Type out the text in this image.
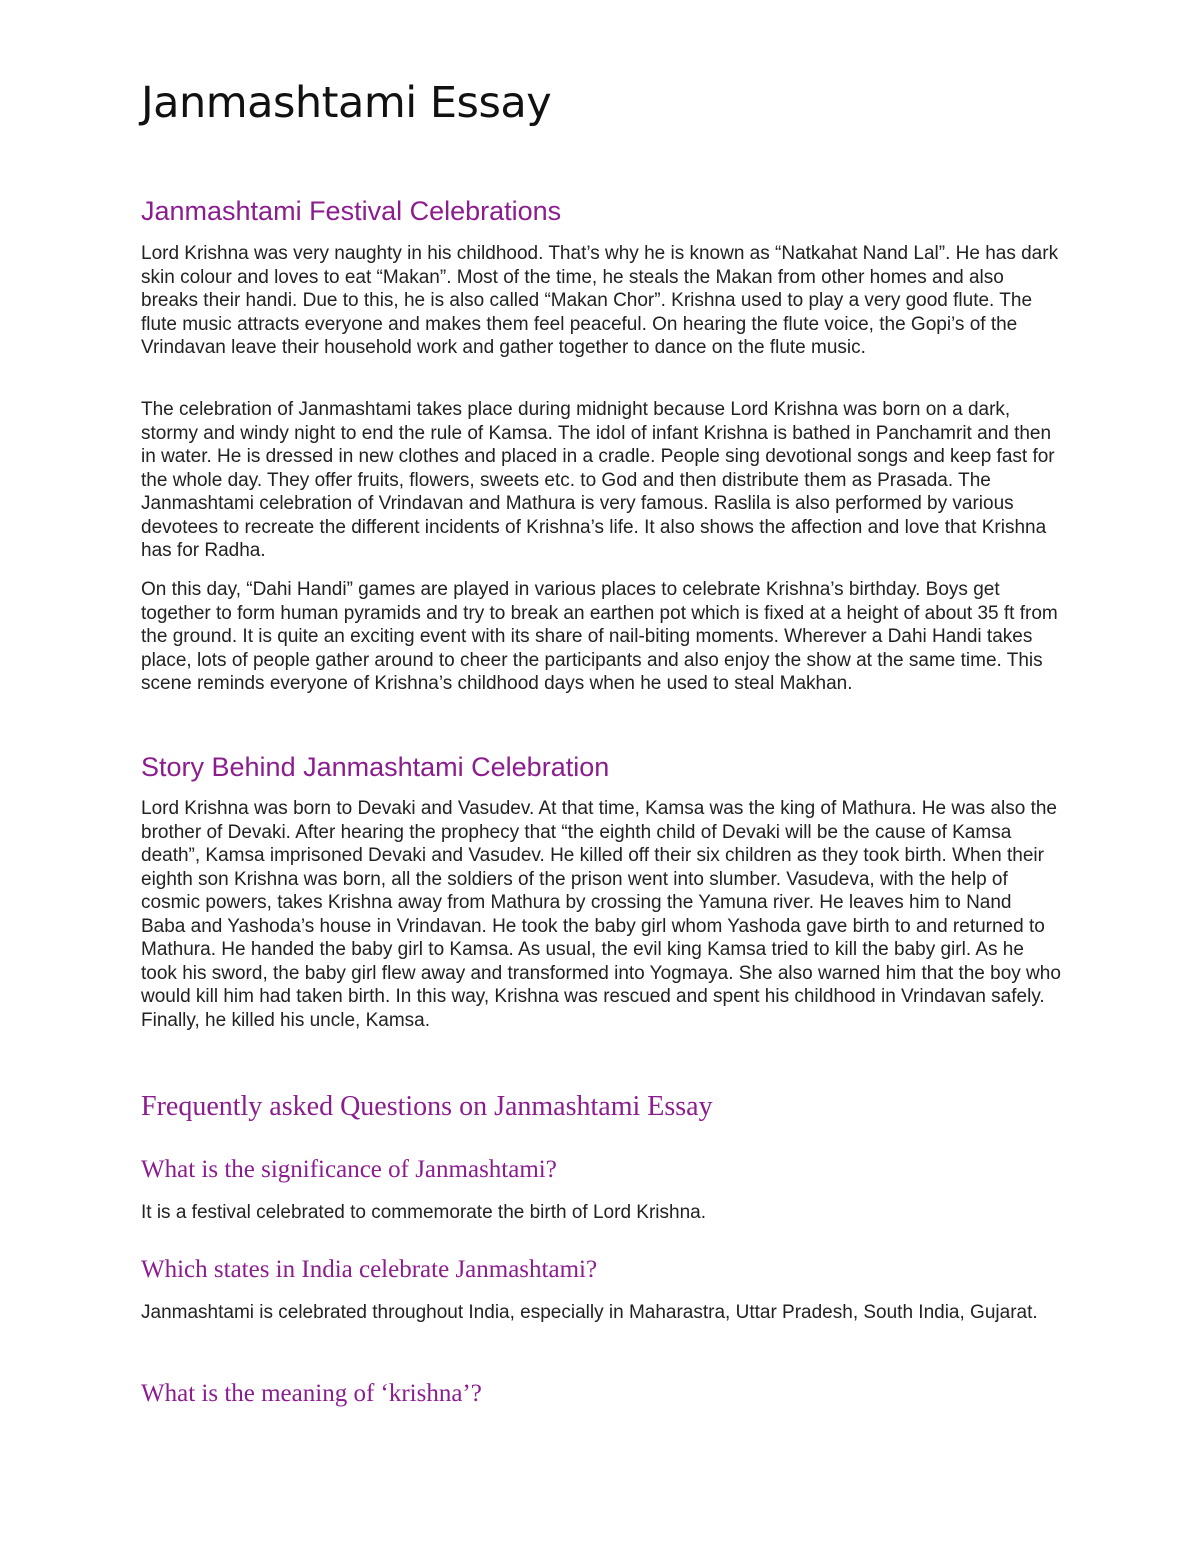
Janmashtami Essay
Janmashtami Festival Celebrations

Lord Krishna was very naughty in his childhood. That’s why he is known as “Natkahat Nand Lal”. He has dark skin colour and loves to eat “Makan”. Most of the time, he steals the Makan from other homes and also breaks their handi. Due to this, he is also called “Makan Chor”. Krishna used to play a very good flute. The flute music attracts everyone and makes them feel peaceful. On hearing the flute voice, the Gopi’s of the Vrindavan leave their household work and gather together to dance on the flute music.

The celebration of Janmashtami takes place during midnight because Lord Krishna was born on a dark, stormy and windy night to end the rule of Kamsa. The idol of infant Krishna is bathed in Panchamrit and then in water. He is dressed in new clothes and placed in a cradle. People sing devotional songs and keep fast for the whole day. They offer fruits, flowers, sweets etc. to God and then distribute them as Prasada. The Janmashtami celebration of Vrindavan and Mathura is very famous. Raslila is also performed by various devotees to recreate the different incidents of Krishna’s life. It also shows the affection and love that Krishna has for Radha.

On this day, “Dahi Handi” games are played in various places to celebrate Krishna’s birthday. Boys get together to form human pyramids and try to break an earthen pot which is fixed at a height of about 35 ft from the ground. It is quite an exciting event with its share of nail-biting moments. Wherever a Dahi Handi takes place, lots of people gather around to cheer the participants and also enjoy the show at the same time. This scene reminds everyone of Krishna’s childhood days when he used to steal Makhan.

Story Behind Janmashtami Celebration

Lord Krishna was born to Devaki and Vasudev. At that time, Kamsa was the king of Mathura. He was also the brother of Devaki. After hearing the prophecy that “the eighth child of Devaki will be the cause of Kamsa death”, Kamsa imprisoned Devaki and Vasudev. He killed off their six children as they took birth. When their eighth son Krishna was born, all the soldiers of the prison went into slumber. Vasudeva, with the help of cosmic powers, takes Krishna away from Mathura by crossing the Yamuna river. He leaves him to Nand Baba and Yashoda’s house in Vrindavan. He took the baby girl whom Yashoda gave birth to and returned to Mathura. He handed the baby girl to Kamsa. As usual, the evil king Kamsa tried to kill the baby girl. As he took his sword, the baby girl flew away and transformed into Yogmaya. She also warned him that the boy who would kill him had taken birth. In this way, Krishna was rescued and spent his childhood in Vrindavan safely. Finally, he killed his uncle, Kamsa.

Frequently asked Questions on Janmashtami Essay
What is the significance of Janmashtami?

It is a festival celebrated to commemorate the birth of Lord Krishna.

Which states in India celebrate Janmashtami?

Janmashtami is celebrated throughout India, especially in Maharastra, Uttar Pradesh, South India, Gujarat.

What is the meaning of ‘krishna’?
